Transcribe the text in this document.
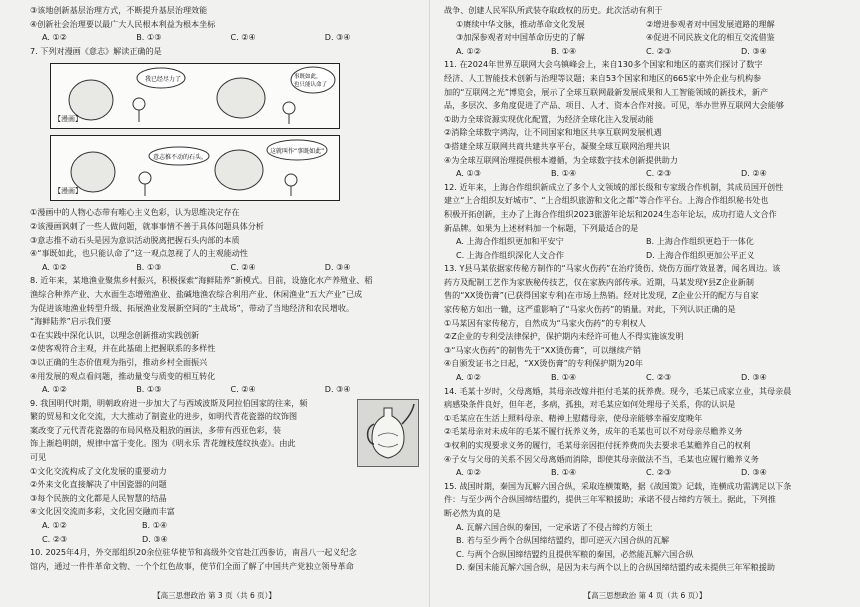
③该地创新基层治理方式，不断提升基层治理效能
④创新社会治理要以最广大人民根本利益为根本坐标
A. ①②	B. ①③	C. ②④	D. ③④
7. 下列对漫画《意志》解读正确的是
我已经尽力了	事既如此，
也只能认命了
【漫画】
意志推不动的石头。
这就叫作“事既如此”
【漫画】
①漫画中的人物心态带有唯心主义色彩，认为思维决定存在
②该漫画讽刺了一些人做问题，就事事情不善于具体问题具体分析
③意志推不动石头是因为意识活动脱离把握石头内部的本质
④“事既如此，也只能认命了”这一观点忽视了人的主观能动性
A. ①②	B. ①③	C. ②④	D. ③④
8. 近年来，某地渔业聚焦乡村振兴，积极探索“海鲜陆养”新模式。目前，设施化水产养殖业、稻
渔综合种养产业、大水面生态增殖渔业、盐碱地渔农综合利用产业、休闲渔业“五大产业”已成
为促进该地渔业转型升级、拓展渔业发展新空间的“主战场”，带动了当地经济和农民增收。
“海鲜陆养”启示我们要
①在实践中深化认识，以理念创新推动实践创新
②使客观符合主观，并在此基础上把握联系的多样性
③以正确的生态价值观为指引，推动乡村全面振兴
④用发展的观点看问题，推动量变与质变的相互转化
A. ①②	B. ①③	C. ②④	D. ③④
9. 我国明代时期，明朝政府进一步加大了与西域波斯及阿拉伯国家的往来，频
繁的贸易和文化交流，大大推动了制瓷业的进步，如明代青花瓷器的纹饰图
案改变了元代青花瓷器的布局风格及粗放的画法，多带有西亚色彩，装
饰上渐趋明朗，规律中富于变化。图为《明永乐 青花缠枝莲纹执壶》。由此
可见
①文化交流构成了文化发展的重要动力
②外来文化直接解决了中国瓷器的问题
③每个民族的文化都是人民智慧的结晶
④文化因交流而多彩，文化因交融而丰富
A. ①②	B. ①④
C. ②③	D. ③④
10. 2025年4月，外交部组织20余位驻华使节和高级外交官赴江西参访，南昌八一起义纪念
馆内，通过一件件革命文物、一个个红色故事，使节们全面了解了中国共产党独立领导革命
【高三思想政治 第 3 页（共 6 页）】
战争、创建人民军队所武装夺取政权的历史。此次活动有利于
①赓续中华文脉，推动革命文化发展	②增进参观者对中国发展道路的理解
③加深参观者对中国革命历史的了解	④促进不同民族文化的相互交流借鉴
A. ①②	B. ①④	C. ②③	D. ③④
11. 在2024年世界互联网大会乌镇峰会上，来自130多个国家和地区的嘉宾们探讨了数字
经济、人工智能技术创新与治理等议题；来自53个国家和地区的665家中外企业与机构参
加的“互联网之光”博览会，展示了全球互联网最新发展成果和人工智能领域的新技术，新产
品，多层次、多角度促进了产品、项目、人才、资本合作对接。可见，举办世界互联网大会能够
①助力全球资源实现优化配置，为经济全球化注入发展动能
②消除全球数字鸿沟，让不同国家和地区共享互联网发展机遇
③搭建全球互联网共商共建共享平台，凝聚全球互联网治理共识
④为全球互联网治理提供根本遵循，为全球数字技术创新提供助力
A. ①③	B. ①④	C. ②③	D. ②④
12. 近年来，上海合作组织新成立了多个人文领域的部长级和专家级合作机制，其成员国开创性
建立“上合组织友好城市”、“上合组织旅游和文化之都”等合作平台。上海合作组织秘书处也
积极开拓创新，主办了上海合作组织2023旅游年论坛和2024生态年论坛，成功打造人文合作
新品牌。如果为上述材料加一个标题，下列最适合的是
A. 上海合作组织更加和平安宁	B. 上海合作组织更趋于一体化
C. 上海合作组织深化人文合作	D. 上海合作组织更加公平正义
13. Y县马某依据家传秘方制作的“马家火伤药”在治疗烫伤、烧伤方面疗效显著，闻名周边。该
药方及配制工艺作为家族秘传技艺，仅在家族内部传承。近期，马某发现Y县Z企业新制
售的“XX烫伤膏”(已获得国家专利)在市场上热销。经对比发现，Z企业公开的配方与自家
家传秘方如出一辙，这严重影响了“马家火伤药”的销量。对此，下列认识正确的是
①马某因有家传秘方，自然成为“马家火伤药”的专利权人
②Z企业的专利受法律保护，保护期内未经许可他人不得实施该发明
③“马家火伤药”的制售先于“XX烫伤膏”，可以继续产销
④自颁发证书之日起，“XX烫伤膏”的专利保护期为20年
A. ①②	B. ①④	C. ②③	D. ③④
14. 毛某十岁时，父母离婚，其母亲改嫁并拒付毛某的抚养费。现今，毛某已成家立业，其母亲晨
病感染条件良好，但年老，多病，孤独，对毛某应如何处理母子关系，你的认识是
①毛某应在生活上照料母亲、精神上慰藉母亲，使母亲能够幸福安度晚年
②毛某母亲对未成年的毛某不履行抚养义务，成年的毛某也可以不对母亲尽赡养义务
③权利的实现要求义务的履行，毛某母亲因拒付抚养费而失去要求毛某赡养自己的权利
④子女与父母的关系不因父母离婚而消除，即使其母亲做法不当，毛某也应履行赡养义务
A. ①②	B. ①④	C. ②③	D. ③④
15. 战国时期，秦国为瓦解六国合纵，采取连横策略，据《战国策》记载，连横成功需满足以下条
件：与至少两个合纵国缔结盟约，提供三年军粮援助；承诺不侵占缔约方领土。据此，下列推
断必然为真的是
A. 瓦解六国合纵的秦国，一定承诺了不侵占缔约方领土
B. 若与至少两个合纵国缔结盟约，即可逆灭六国合纵的瓦解
C. 与两个合纵国缔结盟约且提供军粮的秦国，必然能瓦解六国合纵
D. 秦国未能瓦解六国合纵，是因为未与两个以上的合纵国缔结盟约或未提供三年军粮援助
【高三思想政治 第 4 页（共 6 页）】
